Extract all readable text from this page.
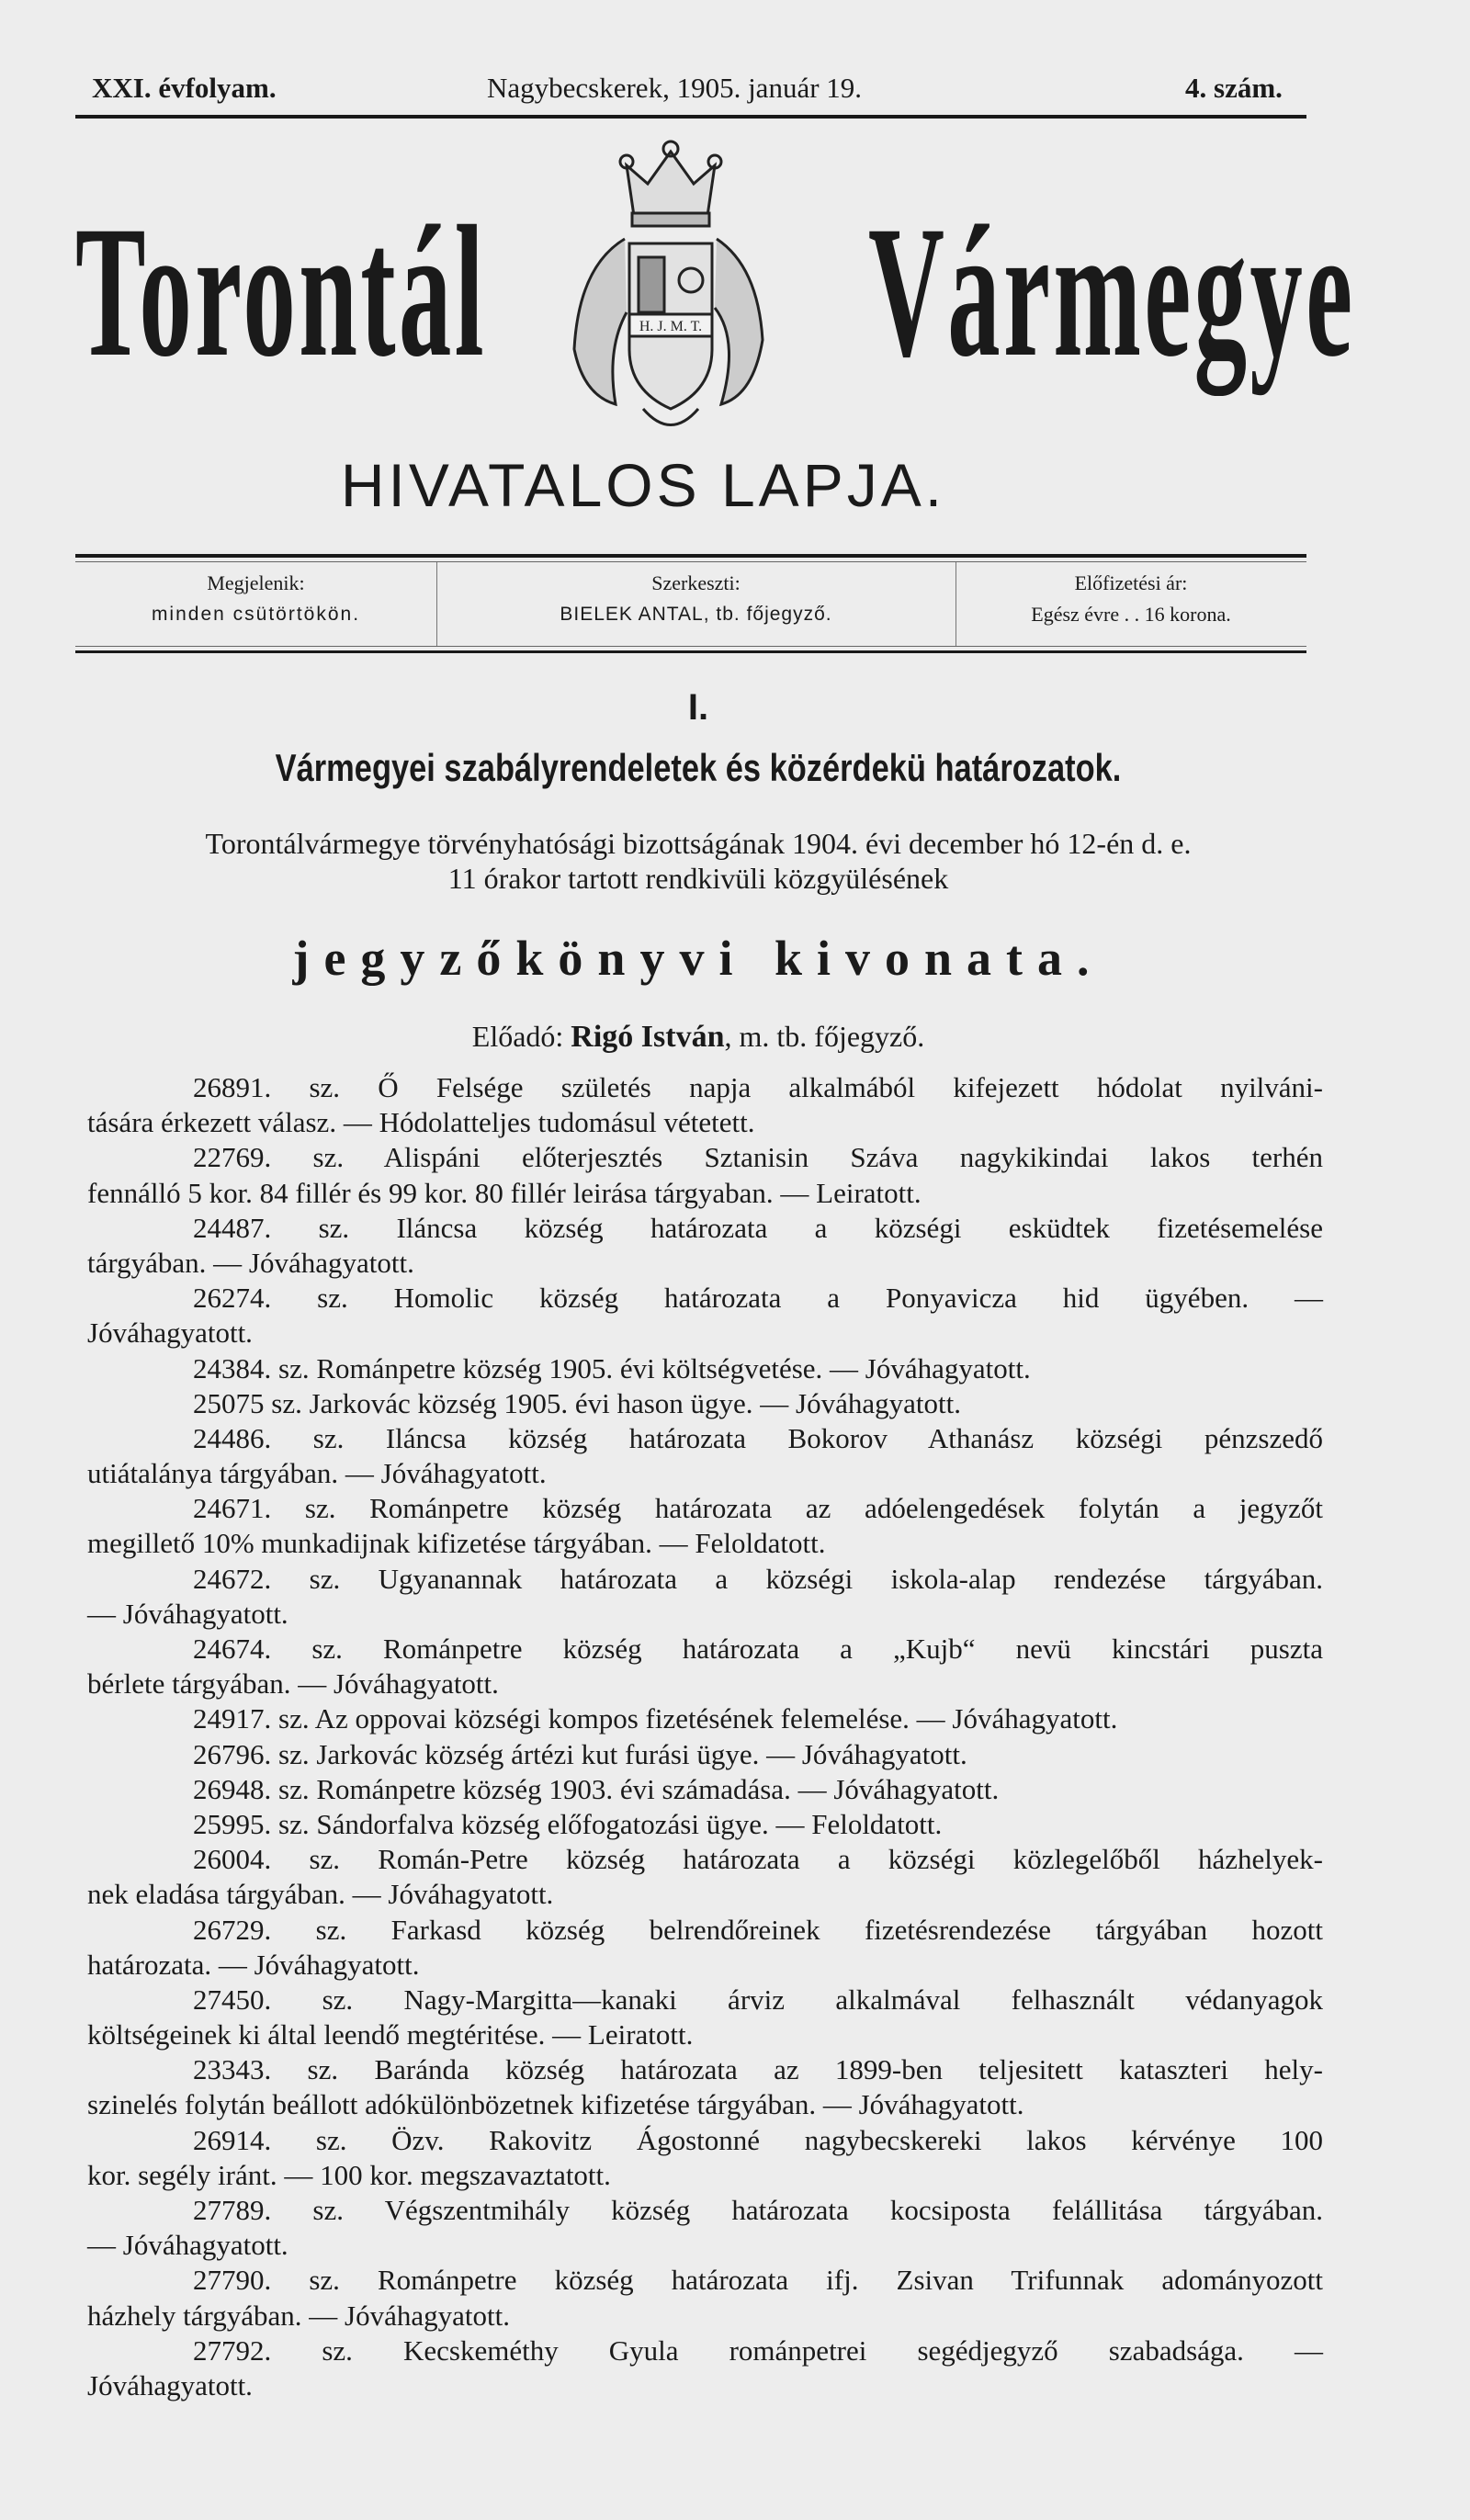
XXI. évfolyam.	Nagybecskerek, 1905. január 19.	4. szám.
Torontál Vármegye
H. J. M. T.
HIVATALOS LAPJA.
Megjelenik:
minden csütörtökön.
Szerkeszti:
BIELEK ANTAL, tb. főjegyző.
Előfizetési ár:
Egész évre . . 16 korona.
I.
Vármegyei szabályrendeletek és közérdekü határozatok.
Torontálvármegye törvényhatósági bizottságának 1904. évi december hó 12-én d. e.
11 órakor tartott rendkivüli közgyülésének
jegyzőkönyvi kivonata.
Előadó: Rigó István, m. tb. főjegyző.
26891. sz. Ő Felsége születés napja alkalmából kifejezett hódolat nyilváni-
tására érkezett válasz. — Hódolatteljes tudomásul vétetett.
22769. sz. Alispáni előterjesztés Sztanisin Száva nagykikindai lakos terhén
fennálló 5 kor. 84 fillér és 99 kor. 80 fillér leirása tárgyaban. — Leiratott.
24487. sz. Iláncsa község határozata a községi esküdtek fizetésemelése
tárgyában. — Jóváhagyatott.
26274. sz. Homolic község határozata a Ponyavicza hid ügyében. —
Jóváhagyatott.
24384. sz. Románpetre község 1905. évi költségvetése. — Jóváhagyatott.
25075 sz. Jarkovác község 1905. évi hason ügye. — Jóváhagyatott.
24486. sz. Iláncsa község határozata Bokorov Athanász községi pénzszedő
utiátalánya tárgyában. — Jóváhagyatott.
24671. sz. Románpetre község határozata az adóelengedések folytán a jegyzőt
megillető 10% munkadijnak kifizetése tárgyában. — Feloldatott.
24672. sz. Ugyanannak határozata a községi iskola-alap rendezése tárgyában.
— Jóváhagyatott.
24674. sz. Románpetre község határozata a „Kujb“ nevü kincstári puszta
bérlete tárgyában. — Jóváhagyatott.
24917. sz. Az oppovai községi kompos fizetésének felemelése. — Jóváhagyatott.
26796. sz. Jarkovác község ártézi kut furási ügye. — Jóváhagyatott.
26948. sz. Románpetre község 1903. évi számadása. — Jóváhagyatott.
25995. sz. Sándorfalva község előfogatozási ügye. — Feloldatott.
26004. sz. Román-Petre község határozata a községi közlegelőből házhelyek-
nek eladása tárgyában. — Jóváhagyatott.
26729. sz. Farkasd község belrendőreinek fizetésrendezése tárgyában hozott
határozata. — Jóváhagyatott.
27450. sz. Nagy-Margitta—kanaki árviz alkalmával felhasznált védanyagok
költségeinek ki által leendő megtéritése. — Leiratott.
23343. sz. Baránda község határozata az 1899-ben teljesitett kataszteri hely-
szinelés folytán beállott adókülönbözetnek kifizetése tárgyában. — Jóváhagyatott.
26914. sz. Özv. Rakovitz Ágostonné nagybecskereki lakos kérvénye 100
kor. segély iránt. — 100 kor. megszavaztatott.
27789. sz. Végszentmihály község határozata kocsiposta felállitása tárgyában.
— Jóváhagyatott.
27790. sz. Románpetre község határozata ifj. Zsivan Trifunnak adományozott
házhely tárgyában. — Jóváhagyatott.
27792. sz. Kecskeméthy Gyula románpetrei segédjegyző szabadsága. —
Jóváhagyatott.
